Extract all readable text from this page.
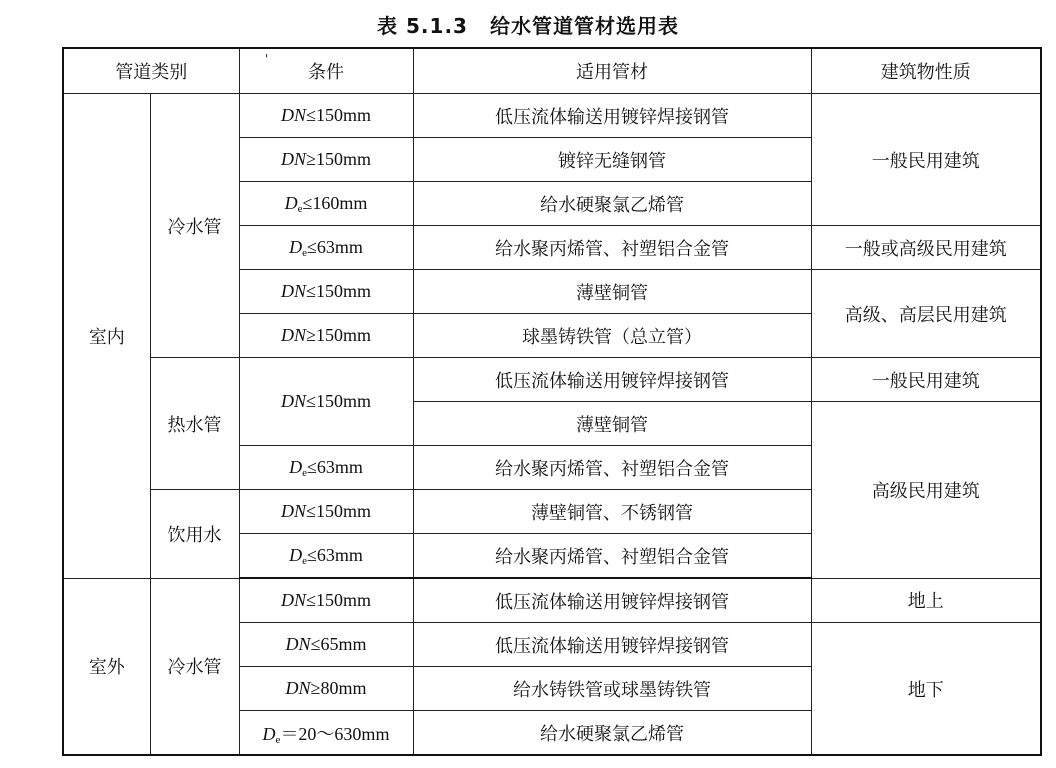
表 5.1.3 给水管道管材选用表
'
管道类别		条件	适用管材	建筑物性质
室内	冷水管	DN≤150mm	低压流体输送用镀锌焊接钢管	一般民用建筑
		DN≥150mm	镀锌无缝钢管	
		$D_e\le 160mm$	给水硬聚氯乙烯管	
		$D_e\le 63mm$	给水聚丙烯管、衬塑铝合金管	一般或高级民用建筑
		DN≤150mm	薄壁铜管	高级、高层民用建筑
		DN≥150mm	球墨铸铁管（总立管）	
	热水管	DN≤150mm	低压流体输送用镀锌焊接钢管	一般民用建筑
			薄壁铜管	高级民用建筑
		$D_e\le 63mm$	给水聚丙烯管、衬塑铝合金管	
	饮用水	DN≤150mm	薄壁铜管、不锈钢管	
		$D_e\le 63mm$	给水聚丙烯管、衬塑铝合金管	
室外	冷水管	DN≤150mm	低压流体输送用镀锌焊接钢管	地上
		DN≤65mm	低压流体输送用镀锌焊接钢管	地下
		DN≥80mm	给水铸铁管或球墨铸铁管	
		$D_e=20\sim 630mm$	给水硬聚氯乙烯管	
